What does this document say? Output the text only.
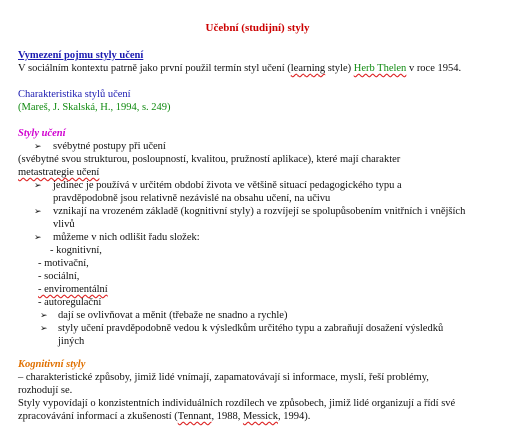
Učební (studijní) styly
Vymezení pojmu styly učení
V sociálním kontextu patrně jako první použil termín styl učení (learning style) Herb Thelen v roce 1954.
Charakteristika stylů učení
(Mareš, J. Skalská, H., 1994, s. 249)
Styly učení
➢	svébytné postupy při učení
(svébytné svou strukturou, posloupností, kvalitou, pružností aplikace), které mají charakter
metastrategie učení
➢	jedinec je používá v určitém období života ve většině situací pedagogického typu a
pravděpodobně jsou relativně nezávislé na obsahu učení, na učivu
➢	vznikají na vrozeném základě (kognitivní styly) a rozvíjejí se spolupůsobením vnitřních i vnějších
vlivů
➢	můžeme v nich odlišit řadu složek:
- kognitivní,
- motivační,
- sociální,
- enviromentální
- autoregulační
➢ dají se ovlivňovat a měnit (třebaže ne snadno a rychle)
➢ styly učení pravděpodobně vedou k výsledkům určitého typu a zabraňují dosažení výsledků
jiných
Kognitivní styly
– charakteristické způsoby, jimiž lidé vnímají, zapamatovávají si informace, myslí, řeší problémy,
rozhodují se.
Styly vypovídají o konzistentních individuálních rozdílech ve způsobech, jimiž lidé organizují a řídí své
zpracovávání informací a zkušeností (Tennant, 1988, Messick, 1994).
